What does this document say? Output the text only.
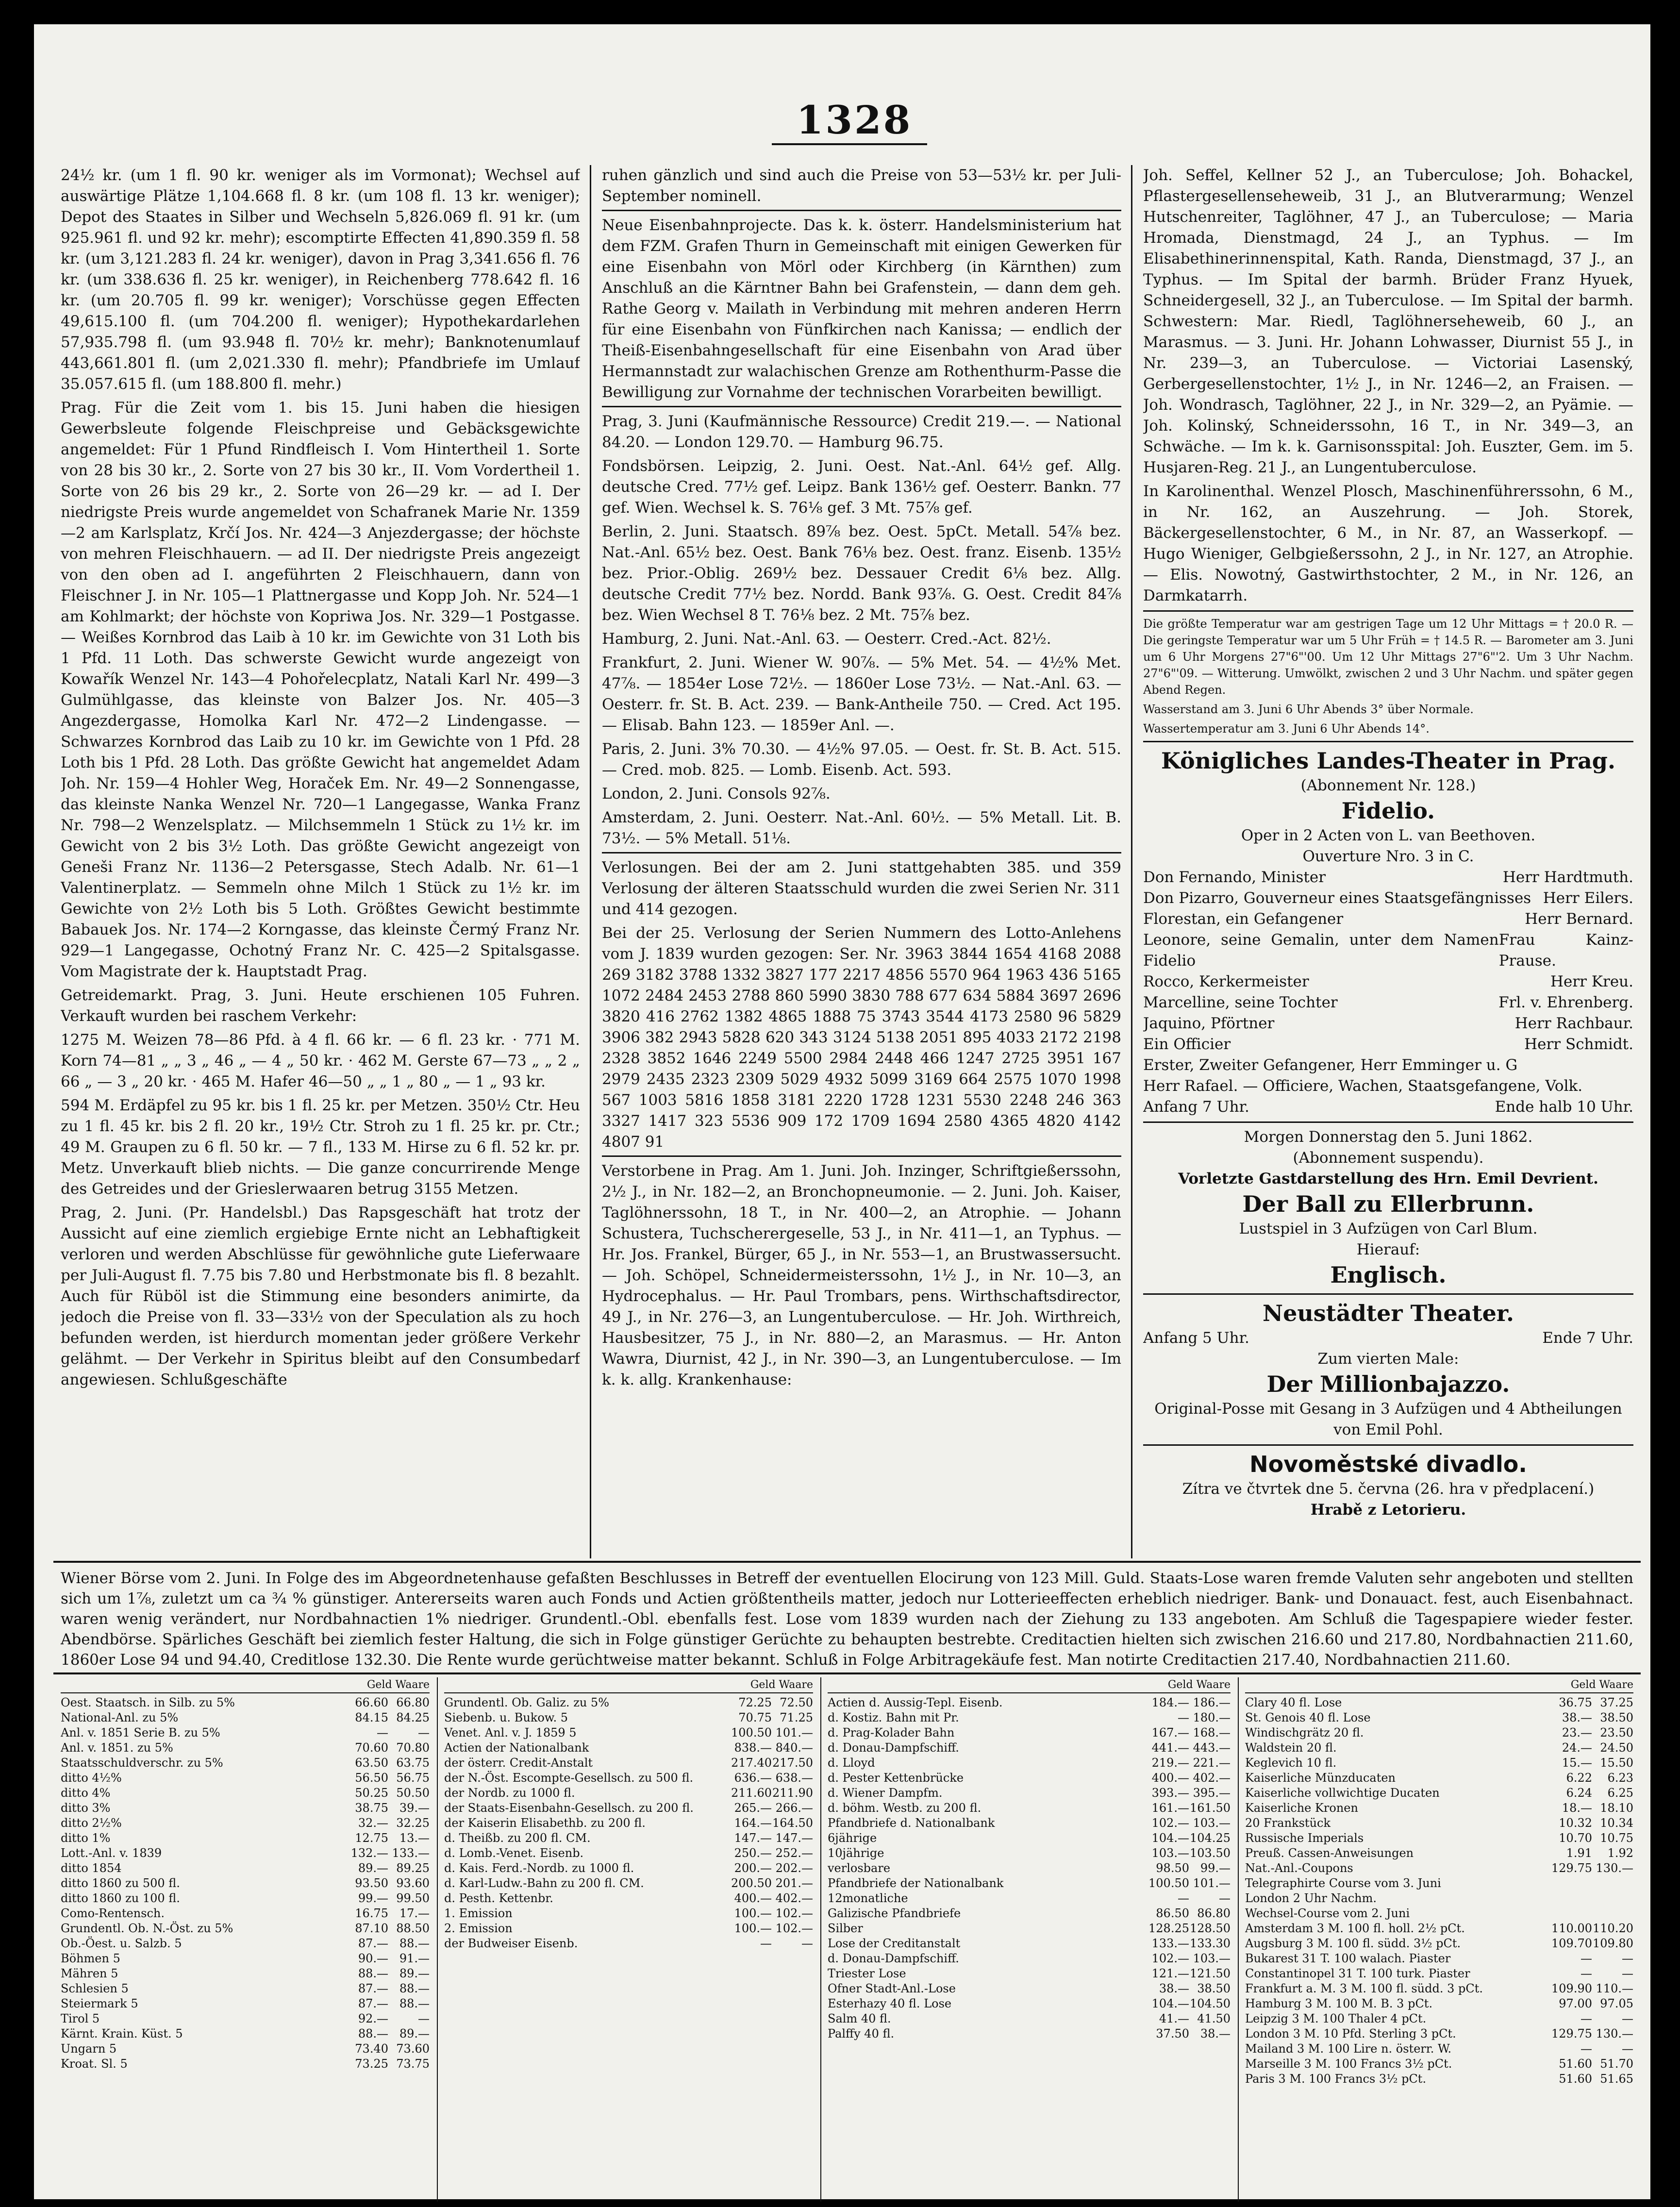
1328

24½ kr. (um 1 fl. 90 kr. weniger als im Vormonat); Wechsel auf auswärtige Plätze 1,104.668 fl. 8 kr. (um 108 fl. 13 kr. weniger); Depot des Staates in Silber und Wechseln 5,826.069 fl. 91 kr. (um 925.961 fl. und 92 kr. mehr); escomptirte Effecten 41,890.359 fl. 58 kr. (um 3,121.283 fl. 24 kr. weniger), davon in Prag 3,341.656 fl. 76 kr. (um 338.636 fl. 25 kr. weniger), in Reichenberg 778.642 fl. 16 kr. (um 20.705 fl. 99 kr. weniger); Vorschüsse gegen Effecten 49,615.100 fl. (um 704.200 fl. weniger); Hypothekardarlehen 57,935.798 fl. (um 93.948 fl. 70½ kr. mehr); Banknotenumlauf 443,661.801 fl. (um 2,021.330 fl. mehr); Pfandbriefe im Umlauf 35.057.615 fl. (um 188.800 fl. mehr.)

Prag. Für die Zeit vom 1. bis 15. Juni haben die hiesigen Gewerbsleute folgende Fleischpreise und Gebäcksgewichte angemeldet: Für 1 Pfund Rindfleisch I. Vom Hintertheil 1. Sorte von 28 bis 30 kr., 2. Sorte von 27 bis 30 kr., II. Vom Vordertheil 1. Sorte von 26 bis 29 kr., 2. Sorte von 26—29 kr. — ad I. Der niedrigste Preis wurde angemeldet von Schafranek Marie Nr. 1359—2 am Karlsplatz, Krčí Jos. Nr. 424—3 Anjezdergasse; der höchste von mehren Fleischhauern. — ad II. Der niedrigste Preis angezeigt von den oben ad I. angeführten 2 Fleischhauern, dann von Fleischner J. in Nr. 105—1 Plattnergasse und Kopp Joh. Nr. 524—1 am Kohlmarkt; der höchste von Kopriwa Jos. Nr. 329—1 Postgasse. — Weißes Kornbrod das Laib à 10 kr. im Gewichte von 31 Loth bis 1 Pfd. 11 Loth. Das schwerste Gewicht wurde angezeigt von Kowařík Wenzel Nr. 143—4 Pohořelecplatz, Natali Karl Nr. 499—3 Gulmühlgasse, das kleinste von Balzer Jos. Nr. 405—3 Angezdergasse, Homolka Karl Nr. 472—2 Lindengasse. — Schwarzes Kornbrod das Laib zu 10 kr. im Gewichte von 1 Pfd. 28 Loth bis 1 Pfd. 28 Loth. Das größte Gewicht hat angemeldet Adam Joh. Nr. 159—4 Hohler Weg, Horaček Em. Nr. 49—2 Sonnengasse, das kleinste Nanka Wenzel Nr. 720—1 Langegasse, Wanka Franz Nr. 798—2 Wenzelsplatz. — Milchsemmeln 1 Stück zu 1½ kr. im Gewicht von 2 bis 3½ Loth. Das größte Gewicht angezeigt von Geneši Franz Nr. 1136—2 Petersgasse, Stech Adalb. Nr. 61—1 Valentinerplatz. — Semmeln ohne Milch 1 Stück zu 1½ kr. im Gewichte von 2½ Loth bis 5 Loth. Größtes Gewicht bestimmte Babauek Jos. Nr. 174—2 Korngasse, das kleinste Čermý Franz Nr. 929—1 Langegasse, Ochotný Franz Nr. C. 425—2 Spitalsgasse. Vom Magistrate der k. Hauptstadt Prag.

Getreidemarkt. Prag, 3. Juni. Heute erschienen 105 Fuhren. Verkauft wurden bei raschem Verkehr:

1275 M. Weizen 78—86 Pfd. à 4 fl. 66 kr. — 6 fl. 23 kr. · 771 M. Korn 74—81 „ „ 3 „ 46 „ — 4 „ 50 kr. · 462 M. Gerste 67—73 „ „ 2 „ 66 „ — 3 „ 20 kr. · 465 M. Hafer 46—50 „ „ 1 „ 80 „ — 1 „ 93 kr.

594 M. Erdäpfel zu 95 kr. bis 1 fl. 25 kr. per Metzen. 350½ Ctr. Heu zu 1 fl. 45 kr. bis 2 fl. 20 kr., 19½ Ctr. Stroh zu 1 fl. 25 kr. pr. Ctr.; 49 M. Graupen zu 6 fl. 50 kr. — 7 fl., 133 M. Hirse zu 6 fl. 52 kr. pr. Metz. Unverkauft blieb nichts. — Die ganze concurrirende Menge des Getreides und der Grieslerwaaren betrug 3155 Metzen.

Prag, 2. Juni. (Pr. Handelsbl.) Das Rapsgeschäft hat trotz der Aussicht auf eine ziemlich ergiebige Ernte nicht an Lebhaftigkeit verloren und werden Abschlüsse für gewöhnliche gute Lieferwaare per Juli-August fl. 7.75 bis 7.80 und Herbstmonate bis fl. 8 bezahlt. Auch für Rüböl ist die Stimmung eine besonders animirte, da jedoch die Preise von fl. 33—33½ von der Speculation als zu hoch befunden werden, ist hierdurch momentan jeder größere Verkehr gelähmt. — Der Verkehr in Spiritus bleibt auf den Consumbedarf angewiesen. Schlußgeschäfte

ruhen gänzlich und sind auch die Preise von 53—53½ kr. per Juli-September nominell.

Neue Eisenbahnprojecte. Das k. k. österr. Handelsministerium hat dem FZM. Grafen Thurn in Gemeinschaft mit einigen Gewerken für eine Eisenbahn von Mörl oder Kirchberg (in Kärnthen) zum Anschluß an die Kärntner Bahn bei Grafenstein, — dann dem geh. Rathe Georg v. Mailath in Verbindung mit mehren anderen Herrn für eine Eisenbahn von Fünfkirchen nach Kanissa; — endlich der Theiß-Eisenbahngesellschaft für eine Eisenbahn von Arad über Hermannstadt zur walachischen Grenze am Rothenthurm-Passe die Bewilligung zur Vornahme der technischen Vorarbeiten bewilligt.

Prag, 3. Juni (Kaufmännische Ressource) Credit 219.—. — National 84.20. — London 129.70. — Hamburg 96.75.

Fondsbörsen. Leipzig, 2. Juni. Oest. Nat.-Anl. 64½ gef. Allg. deutsche Cred. 77½ gef. Leipz. Bank 136½ gef. Oesterr. Bankn. 77 gef. Wien. Wechsel k. S. 76⅛ gef. 3 Mt. 75⅞ gef.

Berlin, 2. Juni. Staatsch. 89⅞ bez. Oest. 5pCt. Metall. 54⅞ bez. Nat.-Anl. 65½ bez. Oest. Bank 76⅛ bez. Oest. franz. Eisenb. 135½ bez. Prior.-Oblig. 269½ bez. Dessauer Credit 6⅛ bez. Allg. deutsche Credit 77½ bez. Nordd. Bank 93⅞. G. Oest. Credit 84⅞ bez. Wien Wechsel 8 T. 76⅛ bez. 2 Mt. 75⅞ bez.

Hamburg, 2. Juni. Nat.-Anl. 63. — Oesterr. Cred.-Act. 82½.

Frankfurt, 2. Juni. Wiener W. 90⅞. — 5% Met. 54. — 4½% Met. 47⅞. — 1854er Lose 72½. — 1860er Lose 73½. — Nat.-Anl. 63. — Oesterr. fr. St. B. Act. 239. — Bank-Antheile 750. — Cred. Act 195. — Elisab. Bahn 123. — 1859er Anl. —.

Paris, 2. Juni. 3% 70.30. — 4½% 97.05. — Oest. fr. St. B. Act. 515. — Cred. mob. 825. — Lomb. Eisenb. Act. 593.

London, 2. Juni. Consols 92⅞.

Amsterdam, 2. Juni. Oesterr. Nat.-Anl. 60½. — 5% Metall. Lit. B. 73½. — 5% Metall. 51⅛.

Verlosungen. Bei der am 2. Juni stattgehabten 385. und 359 Verlosung der älteren Staatsschuld wurden die zwei Serien Nr. 311 und 414 gezogen.

Bei der 25. Verlosung der Serien Nummern des Lotto-Anlehens vom J. 1839 wurden gezogen: Ser. Nr. 3963 3844 1654 4168 2088 269 3182 3788 1332 3827 177 2217 4856 5570 964 1963 436 5165 1072 2484 2453 2788 860 5990 3830 788 677 634 5884 3697 2696 3820 416 2762 1382 4865 1888 75 3743 3544 4173 2580 96 5829 3906 382 2943 5828 620 343 3124 5138 2051 895 4033 2172 2198 2328 3852 1646 2249 5500 2984 2448 466 1247 2725 3951 167 2979 2435 2323 2309 5029 4932 5099 3169 664 2575 1070 1998 567 1003 5816 1858 3181 2220 1728 1231 5530 2248 246 363 3327 1417 323 5536 909 172 1709 1694 2580 4365 4820 4142 4807 91

Verstorbene in Prag. Am 1. Juni. Joh. Inzinger, Schriftgießerssohn, 2½ J., in Nr. 182—2, an Bronchopneumonie. — 2. Juni. Joh. Kaiser, Taglöhnerssohn, 18 T., in Nr. 400—2, an Atrophie. — Johann Schustera, Tuchscherergeselle, 53 J., in Nr. 411—1, an Typhus. — Hr. Jos. Frankel, Bürger, 65 J., in Nr. 553—1, an Brustwassersucht. — Joh. Schöpel, Schneidermeisterssohn, 1½ J., in Nr. 10—3, an Hydrocephalus. — Hr. Paul Trombars, pens. Wirthschaftsdirector, 49 J., in Nr. 276—3, an Lungentuberculose. — Hr. Joh. Wirthreich, Hausbesitzer, 75 J., in Nr. 880—2, an Marasmus. — Hr. Anton Wawra, Diurnist, 42 J., in Nr. 390—3, an Lungentuberculose. — Im k. k. allg. Krankenhause:

Joh. Seffel, Kellner 52 J., an Tuberculose; Joh. Bohackel, Pflastergesellenseheweib, 31 J., an Blutverarmung; Wenzel Hutschenreiter, Taglöhner, 47 J., an Tuberculose; — Maria Hromada, Dienstmagd, 24 J., an Typhus. — Im Elisabethinerinnenspital, Kath. Randa, Dienstmagd, 37 J., an Typhus. — Im Spital der barmh. Brüder Franz Hyuek, Schneidergesell, 32 J., an Tuberculose. — Im Spital der barmh. Schwestern: Mar. Riedl, Taglöhnerseheweib, 60 J., an Marasmus. — 3. Juni. Hr. Johann Lohwasser, Diurnist 55 J., in Nr. 239—3, an Tuberculose. — Victoriai Lasenský, Gerbergesellenstochter, 1½ J., in Nr. 1246—2, an Fraisen. — Joh. Wondrasch, Taglöhner, 22 J., in Nr. 329—2, an Pyämie. — Joh. Kolinský, Schneiderssohn, 16 T., in Nr. 349—3, an Schwäche. — Im k. k. Garnisonsspital: Joh. Euszter, Gem. im 5. Husjaren-Reg. 21 J., an Lungentuberculose.

In Karolinenthal. Wenzel Plosch, Maschinenführerssohn, 6 M., in Nr. 162, an Auszehrung. — Joh. Storek, Bäckergesellenstochter, 6 M., in Nr. 87, an Wasserkopf. — Hugo Wieniger, Gelbgießerssohn, 2 J., in Nr. 127, an Atrophie. — Elis. Nowotný, Gastwirthstochter, 2 M., in Nr. 126, an Darmkatarrh.

Die größte Temperatur war am gestrigen Tage um 12 Uhr Mittags = † 20.0 R. — Die geringste Temperatur war um 5 Uhr Früh = † 14.5 R. — Barometer am 3. Juni um 6 Uhr Morgens 27"6"'00. Um 12 Uhr Mittags 27"6"'2. Um 3 Uhr Nachm. 27"6"'09. — Witterung. Umwölkt, zwischen 2 und 3 Uhr Nachm. und später gegen Abend Regen.

Wasserstand am 3. Juni 6 Uhr Abends 3° über Normale.

Wassertemperatur am 3. Juni 6 Uhr Abends 14°.

Königliches Landes-Theater in Prag.
(Abonnement Nr. 128.)
Fidelio.
Oper in 2 Acten von L. van Beethoven.
Ouverture Nro. 3 in C.
Don Fernando, Minister	Herr Hardtmuth.
Don Pizarro, Gouverneur eines Staatsgefängnisses Herr Eilers.
Florestan, ein Gefangener	Herr Bernard.
Leonore, seine Gemalin, unter dem Namen Fidelio
Frau Kainz-Prause.
Rocco, Kerkermeister	Herr Kreu.
Marcelline, seine Tochter	Frl. v. Ehrenberg.
Jaquino, Pförtner	Herr Rachbaur.
Ein Officier	Herr Schmidt.
Erster, Zweiter Gefangener, Herr Emminger u. G
Herr Rafael. — Officiere, Wachen, Staatsgefangene, Volk.
Anfang 7 Uhr.	Ende halb 10 Uhr.
Morgen Donnerstag den 5. Juni 1862.
(Abonnement suspendu).
Vorletzte Gastdarstellung des Hrn. Emil Devrient.
Der Ball zu Ellerbrunn.
Lustspiel in 3 Aufzügen von Carl Blum.
Hierauf:
Englisch.
Neustädter Theater.
Anfang 5 Uhr.	Ende 7 Uhr.
Zum vierten Male:
Der Millionbajazzo.
Original-Posse mit Gesang in 3 Aufzügen und 4 Abtheilungen von Emil Pohl.
Novoměstské divadlo.
Zítra ve čtvrtek dne 5. června (26. hra v předplacení.)
Hrabě z Letorieru.
Wiener Börse vom 2. Juni. In Folge des im Abgeordnetenhause gefaßten Beschlusses in Betreff der eventuellen Elocirung von 123 Mill. Guld. Staats-Lose waren fremde Valuten sehr angeboten und stellten sich um 1⅞, zuletzt um ca ¾ % günstiger. Antererseits waren auch Fonds und Actien größtentheils matter, jedoch nur Lotterieeffecten erheblich niedriger. Bank- und Donauact. fest, auch Eisenbahnact. waren wenig verändert, nur Nordbahnactien 1% niedriger. Grundentl.-Obl. ebenfalls fest. Lose vom 1839 wurden nach der Ziehung zu 133 angeboten. Am Schluß die Tagespapiere wieder fester. Abendbörse. Spärliches Geschäft bei ziemlich fester Haltung, die sich in Folge günstiger Gerüchte zu behaupten bestrebte. Creditactien hielten sich zwischen 216.60 und 217.80, Nordbahnactien 211.60, 1860er Lose 94 und 94.40, Creditlose 132.30. Die Rente wurde gerüchtweise matter bekannt. Schluß in Folge Arbitragekäufe fest. Man notirte Creditactien 217.40, Nordbahnactien 211.60.
Geld Waare
Oest. Staatsch. in Silb. zu 5%	66.60 66.80
National-Anl. zu 5%	84.15 84.25
Anl. v. 1851 Serie B. zu 5%	—	—
Anl. v. 1851. zu 5%	70.60 70.80
Staatsschuldverschr. zu 5%	63.50 63.75
ditto 4½%	56.50 56.75
ditto 4%	50.25 50.50
ditto 3%	38.75 39.—
ditto 2½%	32.— 32.25
ditto 1%	12.75 13.—
Lott.-Anl. v. 1839	132.— 133.—
ditto 1854	89.— 89.25
ditto 1860 zu 500 fl.	93.50 93.60
ditto 1860 zu 100 fl.	99.— 99.50
Como-Rentensch.	16.75 17.—
Grundentl. Ob. N.-Öst. zu 5%	87.10 88.50
Ob.-Öest. u. Salzb. 5	87.— 88.—
Böhmen 5	90.— 91.—
Mähren 5	88.— 89.—
Schlesien 5	87.— 88.—
Steiermark 5	87.— 88.—
Tirol 5	92.—	—
Kärnt. Krain. Küst. 5	88.— 89.—
Ungarn 5	73.40 73.60
Kroat. Sl. 5	73.25 73.75
Geld Waare
Grundentl. Ob. Galiz. zu 5%	72.25 72.50
Siebenb. u. Bukow. 5	70.75 71.25
Venet. Anl. v. J. 1859 5	100.50 101.—
Actien der Nationalbank	838.— 840.—
der österr. Credit-Anstalt	217.40 217.50
der N.-Öst. Escompte-Gesellsch. zu 500 fl.	636.— 638.—
der Nordb. zu 1000 fl.	211.60 211.90
der Staats-Eisenbahn-Gesellsch. zu 200 fl.	265.— 266.—
der Kaiserin Elisabethb. zu 200 fl.	164.— 164.50
d. Theißb. zu 200 fl. CM.	147.— 147.—
d. Lomb.-Venet. Eisenb.	250.— 252.—
d. Kais. Ferd.-Nordb. zu 1000 fl.	200.— 202.—
d. Karl-Ludw.-Bahn zu 200 fl. CM.	200.50 201.—
d. Pesth. Kettenbr.	400.— 402.—
1. Emission	100.— 102.—
2. Emission	100.— 102.—
der Budweiser Eisenb.	—	—
Geld Waare
Actien d. Aussig-Tepl. Eisenb.	184.— 186.—
d. Kostiz. Bahn mit Pr.	— 180.—
d. Prag-Kolader Bahn	167.— 168.—
d. Donau-Dampfschiff.	441.— 443.—
d. Lloyd	219.— 221.—
d. Pester Kettenbrücke	400.— 402.—
d. Wiener Dampfm.	393.— 395.—
d. böhm. Westb. zu 200 fl.	161.— 161.50
Pfandbriefe d. Nationalbank	102.— 103.—
6jährige	104.— 104.25
10jährige	103.— 103.50
verlosbare	98.50 99.—
Pfandbriefe der Nationalbank	100.50 101.—
12monatliche	—	—
Galizische Pfandbriefe	86.50 86.80
Silber	128.25 128.50
Lose der Creditanstalt	133.— 133.30
d. Donau-Dampfschiff.	102.— 103.—
Triester Lose	121.— 121.50
Ofner Stadt-Anl.-Lose	38.— 38.50
Esterhazy 40 fl. Lose	104.— 104.50
Salm 40 fl.	41.— 41.50
Palffy 40 fl.	37.50 38.—
Geld Waare
Clary 40 fl. Lose	36.75 37.25
St. Genois 40 fl. Lose	38.— 38.50
Windischgrätz 20 fl.	23.— 23.50
Waldstein 20 fl.	24.— 24.50
Keglevich 10 fl.	15.— 15.50
Kaiserliche Münzducaten	6.22	6.23
Kaiserliche vollwichtige Ducaten	6.24	6.25
Kaiserliche Kronen	18.— 18.10
20 Frankstück	10.32 10.34
Russische Imperials	10.70 10.75
Preuß. Cassen-Anweisungen	1.91	1.92
Nat.-Anl.-Coupons	129.75 130.—
Telegraphirte Course vom 3. Juni
London 2 Uhr Nachm.
Wechsel-Course vom 2. Juni
Amsterdam 3 M. 100 fl. holl. 2½ pCt.	110.00 110.20
Augsburg 3 M. 100 fl. südd. 3½ pCt.	109.70 109.80
Bukarest 31 T. 100 walach. Piaster	—	—
Constantinopel 31 T. 100 turk. Piaster	—	—
Frankfurt a. M. 3 M. 100 fl. südd. 3 pCt.	109.90 110.—
Hamburg 3 M. 100 M. B. 3 pCt.	97.00 97.05
Leipzig 3 M. 100 Thaler 4 pCt.	—	—
London 3 M. 10 Pfd. Sterling 3 pCt.	129.75 130.—
Mailand 3 M. 100 Lire n. österr. W.	—	—
Marseille 3 M. 100 Francs 3½ pCt.	51.60 51.70
Paris 3 M. 100 Francs 3½ pCt.	51.60 51.65
